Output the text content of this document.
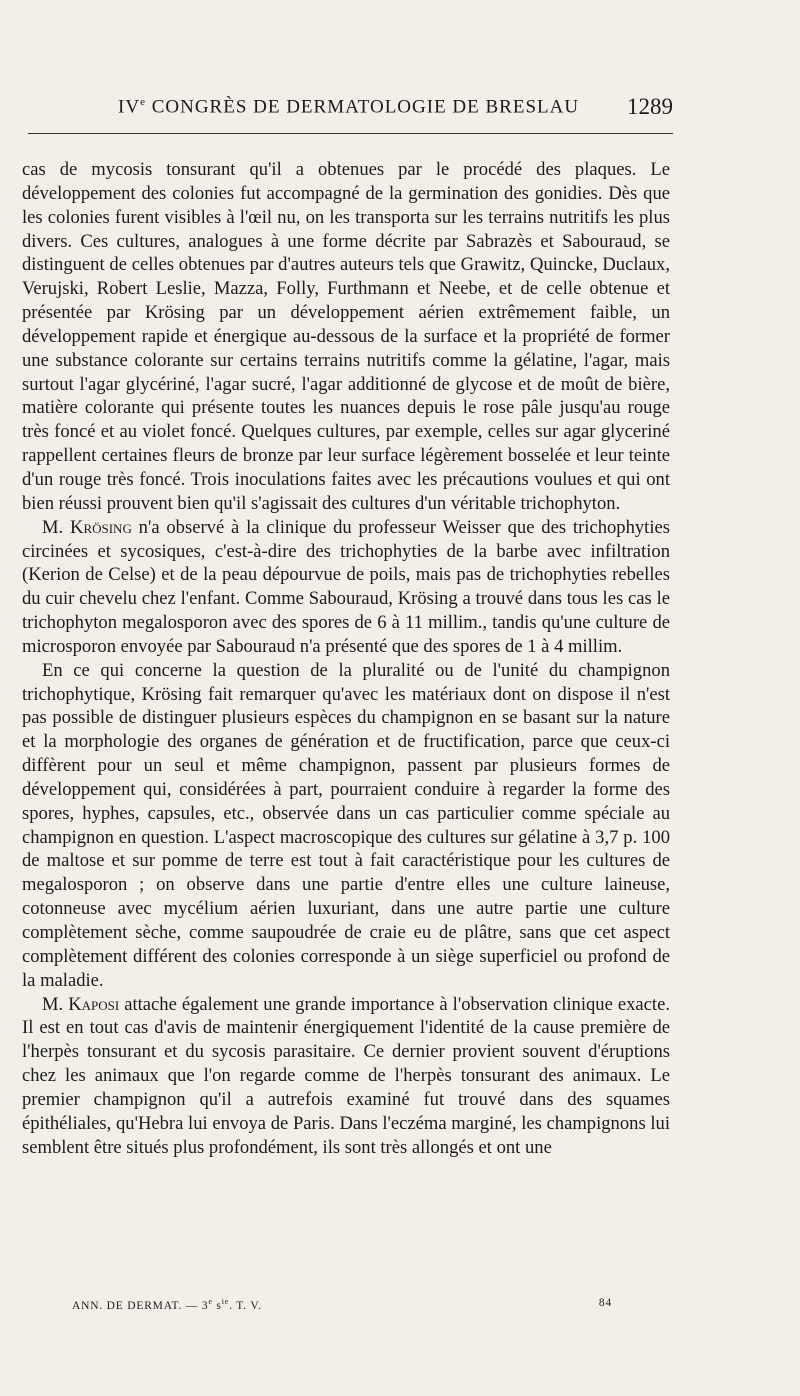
IVe CONGRÈS DE DERMATOLOGIE DE BRESLAU 1289

cas de mycosis tonsurant qu'il a obtenues par le procédé des plaques. Le développement des colonies fut accompagné de la germination des gonidies. Dès que les colonies furent visibles à l'œil nu, on les transporta sur les terrains nutritifs les plus divers. Ces cultures, analogues à une forme décrite par Sabrazès et Sabouraud, se distinguent de celles obtenues par d'autres auteurs tels que Grawitz, Quincke, Duclaux, Verujski, Robert Leslie, Mazza, Folly, Furthmann et Neebe, et de celle obtenue et présentée par Krösing par un développement aérien extrêmement faible, un développement rapide et énergique au-dessous de la surface et la propriété de former une substance colorante sur certains terrains nutritifs comme la gélatine, l'agar, mais surtout l'agar glycériné, l'agar sucré, l'agar additionné de glycose et de moût de bière, matière colorante qui présente toutes les nuances depuis le rose pâle jusqu'au rouge très foncé et au violet foncé. Quelques cultures, par exemple, celles sur agar glyceriné rappellent certaines fleurs de bronze par leur surface légèrement bosselée et leur teinte d'un rouge très foncé. Trois inoculations faites avec les précautions voulues et qui ont bien réussi prouvent bien qu'il s'agissait des cultures d'un véritable trichophyton.

M. Krösing n'a observé à la clinique du professeur Weisser que des trichophyties circinées et sycosiques, c'est-à-dire des trichophyties de la barbe avec infiltration (Kerion de Celse) et de la peau dépourvue de poils, mais pas de trichophyties rebelles du cuir chevelu chez l'enfant. Comme Sabouraud, Krösing a trouvé dans tous les cas le trichophyton megalosporon avec des spores de 6 à 11 millim., tandis qu'une culture de microsporon envoyée par Sabouraud n'a présenté que des spores de 1 à 4 millim.

En ce qui concerne la question de la pluralité ou de l'unité du champignon trichophytique, Krösing fait remarquer qu'avec les matériaux dont on dispose il n'est pas possible de distinguer plusieurs espèces du champignon en se basant sur la nature et la morphologie des organes de génération et de fructification, parce que ceux-ci diffèrent pour un seul et même champignon, passent par plusieurs formes de développement qui, considérées à part, pourraient conduire à regarder la forme des spores, hyphes, capsules, etc., observée dans un cas particulier comme spéciale au champignon en question. L'aspect macroscopique des cultures sur gélatine à 3,7 p. 100 de maltose et sur pomme de terre est tout à fait caractéristique pour les cultures de megalosporon ; on observe dans une partie d'entre elles une culture laineuse, cotonneuse avec mycélium aérien luxuriant, dans une autre partie une culture complètement sèche, comme saupoudrée de craie eu de plâtre, sans que cet aspect complètement différent des colonies corresponde à un siège superficiel ou profond de la maladie.

M. Kaposi attache également une grande importance à l'observation clinique exacte. Il est en tout cas d'avis de maintenir énergiquement l'identité de la cause première de l'herpès tonsurant et du sycosis parasitaire. Ce dernier provient souvent d'éruptions chez les animaux que l'on regarde comme de l'herpès tonsurant des animaux. Le premier champignon qu'il a autrefois examiné fut trouvé dans des squames épithéliales, qu'Hebra lui envoya de Paris. Dans l'eczéma marginé, les champignons lui semblent être situés plus profondément, ils sont très allongés et ont une

ANN. DE DERMAT. — 3e $s^{ie}$. T. V.	84
